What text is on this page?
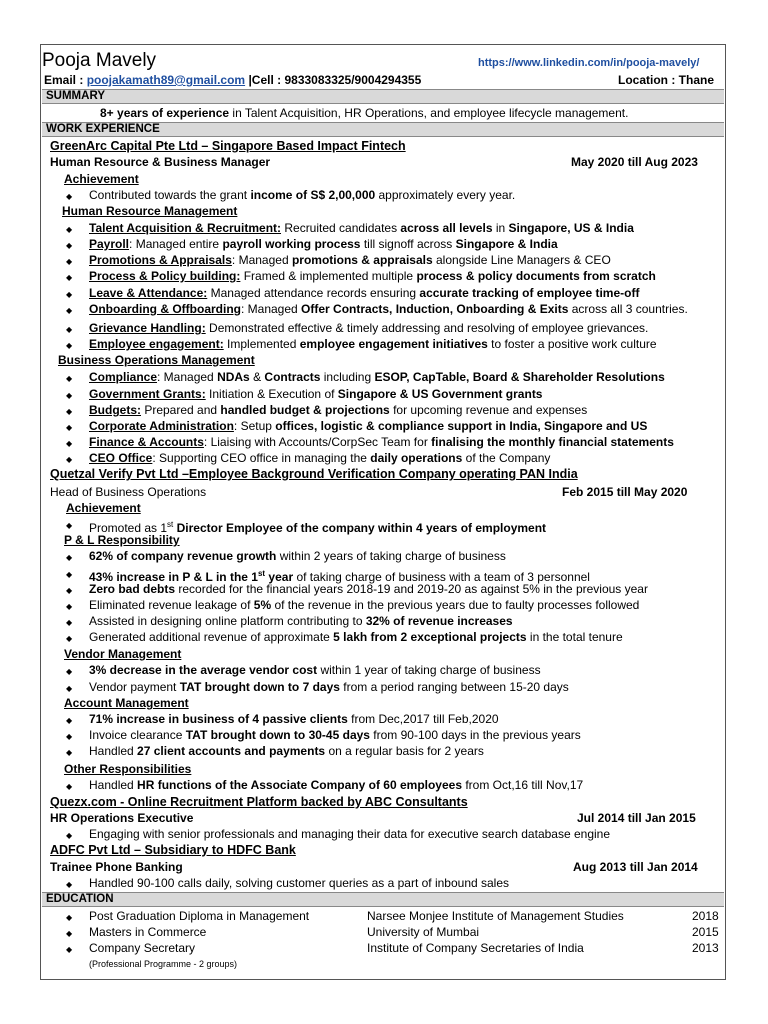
Pooja Mavely	https://www.linkedin.com/in/pooja-mavely/
Email : poojakamath89@gmail.com |Cell : 9833083325/9004294355	Location : Thane
SUMMARY
8+ years of experience in Talent Acquisition, HR Operations, and employee lifecycle management.
WORK EXPERIENCE
GreenArc Capital Pte Ltd – Singapore Based Impact Fintech
Human Resource & Business Manager	May 2020 till Aug 2023
Achievement
◆ Contributed towards the grant income of S$ 2,00,000 approximately every year.
Human Resource Management
◆ Talent Acquisition & Recruitment: Recruited candidates across all levels in Singapore, US & India
◆ Payroll: Managed entire payroll working process till signoff across Singapore & India
◆ Promotions & Appraisals: Managed promotions & appraisals alongside Line Managers & CEO
◆ Process & Policy building: Framed & implemented multiple process & policy documents from scratch
◆ Leave & Attendance: Managed attendance records ensuring accurate tracking of employee time-off
◆ Onboarding & Offboarding: Managed Offer Contracts, Induction, Onboarding & Exits across all 3 countries.
◆ Grievance Handling: Demonstrated effective & timely addressing and resolving of employee grievances.
◆ Employee engagement: Implemented employee engagement initiatives to foster a positive work culture
Business Operations Management
◆ Compliance: Managed NDAs & Contracts including ESOP, CapTable, Board & Shareholder Resolutions
◆ Government Grants: Initiation & Execution of Singapore & US Government grants
◆ Budgets: Prepared and handled budget & projections for upcoming revenue and expenses
◆ Corporate Administration: Setup offices, logistic & compliance support in India, Singapore and US
◆ Finance & Accounts: Liaising with Accounts/CorpSec Team for finalising the monthly financial statements
◆ CEO Office: Supporting CEO office in managing the daily operations of the Company
Quetzal Verify Pvt Ltd –Employee Background Verification Company operating PAN India
Head of Business Operations	Feb 2015 till May 2020
Achievement
◆ Promoted as 1st Director Employee of the company within 4 years of employment
P & L Responsibility
◆ 62% of company revenue growth within 2 years of taking charge of business
◆ 43% increase in P & L in the 1st year of taking charge of business with a team of 3 personnel
◆ Zero bad debts recorded for the financial years 2018-19 and 2019-20 as against 5% in the previous year
◆ Eliminated revenue leakage of 5% of the revenue in the previous years due to faulty processes followed
◆ Assisted in designing online platform contributing to 32% of revenue increases
◆ Generated additional revenue of approximate 5 lakh from 2 exceptional projects in the total tenure
Vendor Management
◆ 3% decrease in the average vendor cost within 1 year of taking charge of business
◆ Vendor payment TAT brought down to 7 days from a period ranging between 15-20 days
Account Management
◆ 71% increase in business of 4 passive clients from Dec,2017 till Feb,2020
◆ Invoice clearance TAT brought down to 30-45 days from 90-100 days in the previous years
◆ Handled 27 client accounts and payments on a regular basis for 2 years
Other Responsibilities
◆ Handled HR functions of the Associate Company of 60 employees from Oct,16 till Nov,17
Quezx.com - Online Recruitment Platform backed by ABC Consultants
HR Operations Executive	Jul 2014 till Jan 2015
◆ Engaging with senior professionals and managing their data for executive search database engine
ADFC Pvt Ltd – Subsidiary to HDFC Bank
Trainee Phone Banking	Aug 2013 till Jan 2014
◆ Handled 90-100 calls daily, solving customer queries as a part of inbound sales
EDUCATION
◆ Post Graduation Diploma in Management	Narsee Monjee Institute of Management Studies	2018
◆ Masters in Commerce	University of Mumbai	2015
◆ Company Secretary	Institute of Company Secretaries of India	2013
(Professional Programme - 2 groups)
